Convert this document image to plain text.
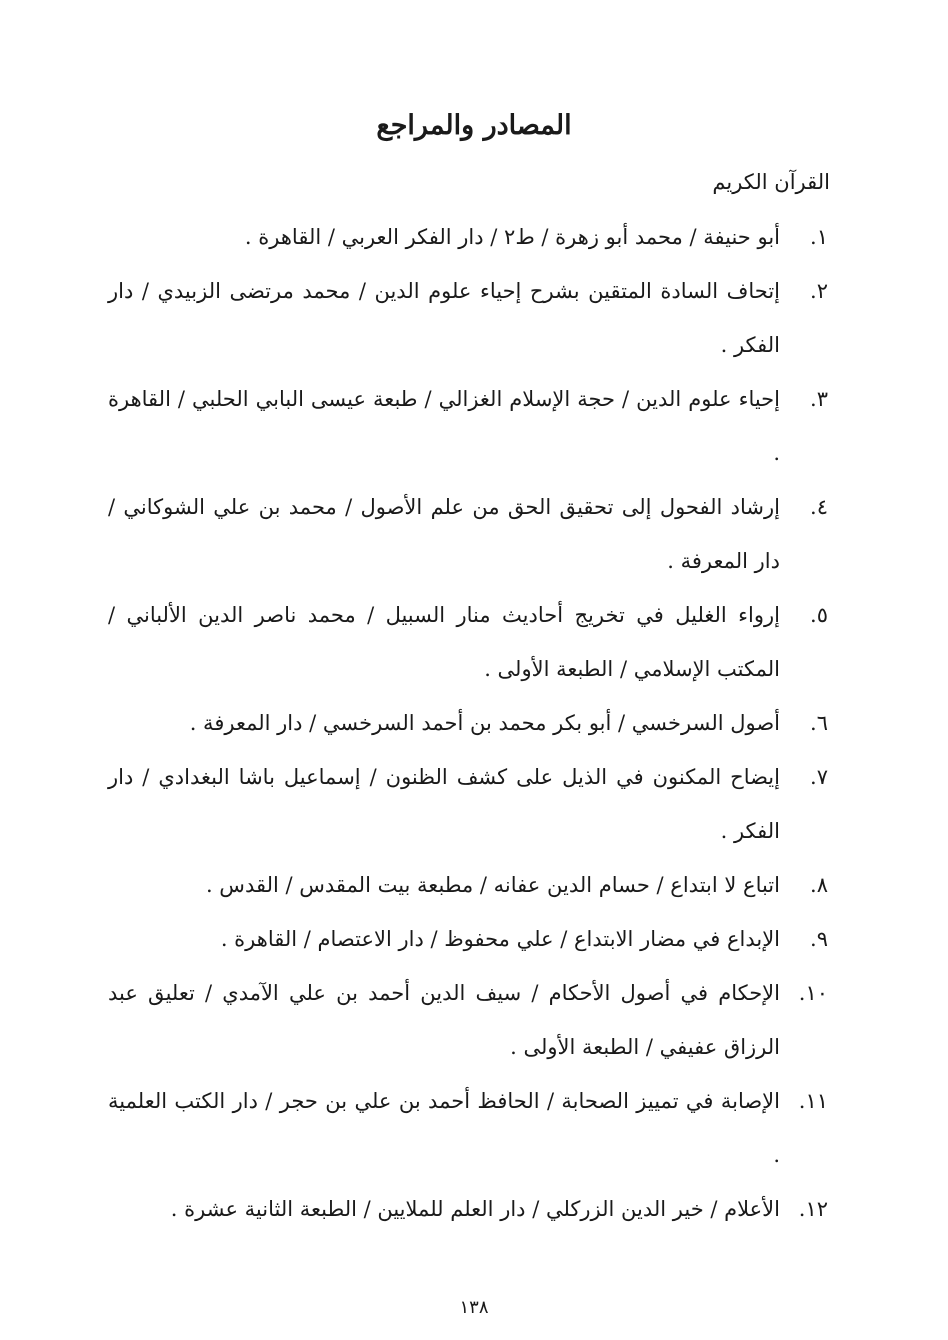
المصادر والمراجع
القرآن الكريم
١.
أبو حنيفة / محمد أبو زهرة / ط٢ / دار الفكر العربي / القاهرة .
٢.
إتحاف السادة المتقين بشرح إحياء علوم الدين / محمد مرتضى الزبيدي / دار الفكر .
٣.
إحياء علوم الدين / حجة الإسلام الغزالي / طبعة عيسى البابي الحلبي / القاهرة .
٤.
إرشاد الفحول إلى تحقيق الحق من علم الأصول / محمد بن علي الشوكاني / دار المعرفة .
٥.
إرواء الغليل في تخريج أحاديث منار السبيل / محمد ناصر الدين الألباني / المكتب الإسلامي / الطبعة الأولى .
٦.
أصول السرخسي / أبو بكر محمد بن أحمد السرخسي / دار المعرفة .
٧.
إيضاح المكنون في الذيل على كشف الظنون / إسماعيل باشا البغدادي / دار الفكر .
٨.
اتباع لا ابتداع / حسام الدين عفانه / مطبعة بيت المقدس / القدس .
٩.
الإبداع في مضار الابتداع / علي محفوظ / دار الاعتصام / القاهرة .
١٠.
الإحكام في أصول الأحكام / سيف الدين أحمد بن علي الآمدي / تعليق عبد الرزاق عفيفي / الطبعة الأولى .
١١.
الإصابة في تمييز الصحابة / الحافظ أحمد بن علي بن حجر / دار الكتب العلمية .
١٢.
الأعلام / خير الدين الزركلي / دار العلم للملايين / الطبعة الثانية عشرة .
١٣٨
